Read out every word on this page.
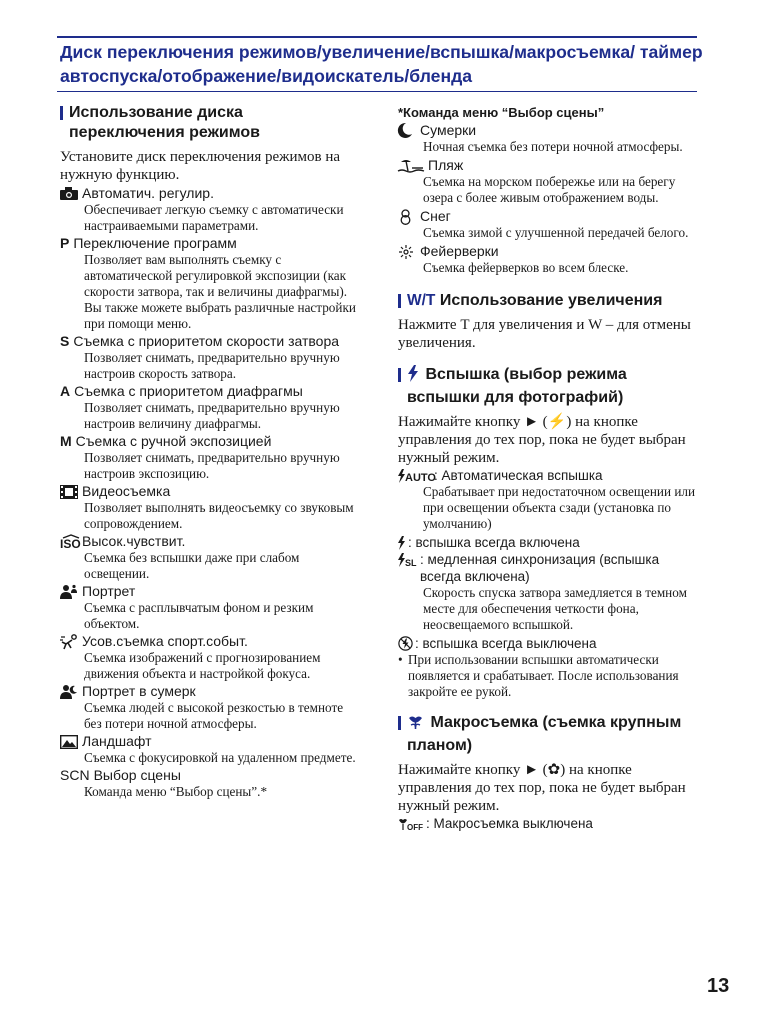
Диск переключения режимов/увеличение/вспышка/макросъемка/ таймер автоспуска/отображение/видоискатель/бленда
Использование диска переключения режимов
Установите диск переключения режимов на нужную функцию.
Автоматич. регулир.
Обеспечивает легкую съемку с автоматически настраиваемыми параметрами.
P Переключение программ
Позволяет вам выполнять съемку с автоматической регулировкой экспозиции (как скорости затвора, так и величины диафрагмы). Вы также можете выбрать различные настройки при помощи меню.
S Съемка с приоритетом скорости затвора
Позволяет снимать, предварительно вручную настроив скорость затвора.
A Съемка с приоритетом диафрагмы
Позволяет снимать, предварительно вручную настроив величину диафрагмы.
M Съемка с ручной экспозицией
Позволяет снимать, предварительно вручную настроив экспозицию.
Видеосъемка
Позволяет выполнять видеосъемку со звуковым сопровождением.
ISO Высок.чувствит.
Съемка без вспышки даже при слабом освещении.
Портрет
Съемка с расплывчатым фоном и резким объектом.
Усов.съемка спорт.событ.
Съемка изображений с прогнозированием движения объекта и настройкой фокуса.
Портрет в сумерк
Съемка людей с высокой резкостью в темноте без потери ночной атмосферы.
Ландшафт
Съемка с фокусировкой на удаленном предмете.
SCN Выбор сцены
Команда меню “Выбор сцены”.*
*Команда меню “Выбор сцены”
Сумерки
Ночная съемка без потери ночной атмосферы.
Пляж
Съемка на морском побережье или на берегу озера с более живым отображением воды.
Снег
Съемка зимой с улучшенной передачей белого.
Фейерверки
Съемка фейерверков во всем блеске.
W/T Использование увеличения
Нажмите T для увеличения и W – для отмены увеличения.
Вспышка (выбор режима вспышки для фотографий)
Нажимайте кнопку ► (⚡) на кнопке управления до тех пор, пока не будет выбран нужный режим.
AUTO
: Автоматическая вспышка
Срабатывает при недостаточном освещении или при освещении объекта сзади (установка по умолчанию)
: вспышка всегда включена
SL : медленная синхронизация (вспышка всегда включена)
Скорость спуска затвора замедляется в темном месте для обеспечения четкости фона, неосвещаемого вспышкой.
: вспышка всегда выключена
• При использовании вспышки автоматически появляется и срабатывает. После использования закройте ее рукой.
Макросъемка (съемка крупным планом)
Нажимайте кнопку ► (✿) на кнопке управления до тех пор, пока не будет выбран нужный режим.
OFF : Макросъемка выключена
13
